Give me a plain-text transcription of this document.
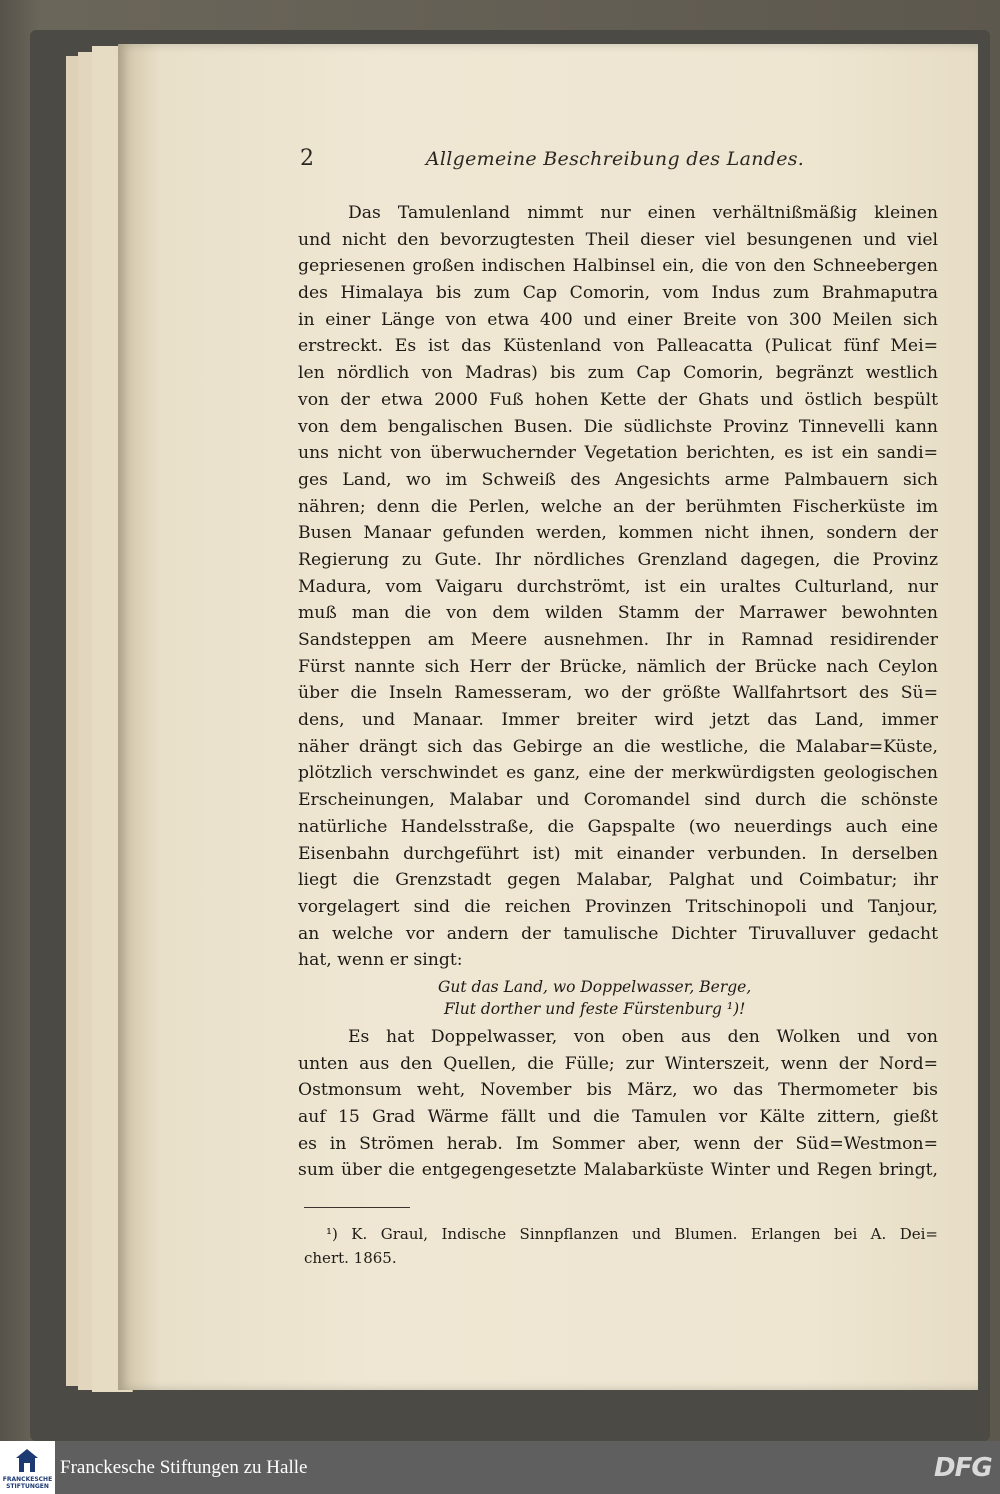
2	Allgemeine Beschreibung des Landes.
Das Tamulenland nimmt nur einen verhältnißmäßig kleinen
und nicht den bevorzugtesten Theil dieser viel besungenen und viel
gepriesenen großen indischen Halbinsel ein, die von den Schneebergen
des Himalaya bis zum Cap Comorin, vom Indus zum Brahmaputra
in einer Länge von etwa 400 und einer Breite von 300 Meilen sich
erstreckt. Es ist das Küstenland von Palleacatta (Pulicat fünf Mei=
len nördlich von Madras) bis zum Cap Comorin, begränzt westlich
von der etwa 2000 Fuß hohen Kette der Ghats und östlich bespült
von dem bengalischen Busen. Die südlichste Provinz Tinnevelli kann
uns nicht von überwuchernder Vegetation berichten, es ist ein sandi=
ges Land, wo im Schweiß des Angesichts arme Palmbauern sich
nähren; denn die Perlen, welche an der berühmten Fischerküste im
Busen Manaar gefunden werden, kommen nicht ihnen, sondern der
Regierung zu Gute. Ihr nördliches Grenzland dagegen, die Provinz
Madura, vom Vaigaru durchströmt, ist ein uraltes Culturland, nur
muß man die von dem wilden Stamm der Marrawer bewohnten
Sandsteppen am Meere ausnehmen. Ihr in Ramnad residirender
Fürst nannte sich Herr der Brücke, nämlich der Brücke nach Ceylon
über die Inseln Ramesseram, wo der größte Wallfahrtsort des Sü=
dens, und Manaar. Immer breiter wird jetzt das Land, immer
näher drängt sich das Gebirge an die westliche, die Malabar=Küste,
plötzlich verschwindet es ganz, eine der merkwürdigsten geologischen
Erscheinungen, Malabar und Coromandel sind durch die schönste
natürliche Handelsstraße, die Gapspalte (wo neuerdings auch eine
Eisenbahn durchgeführt ist) mit einander verbunden. In derselben
liegt die Grenzstadt gegen Malabar, Palghat und Coimbatur; ihr
vorgelagert sind die reichen Provinzen Tritschinopoli und Tanjour,
an welche vor andern der tamulische Dichter Tiruvalluver gedacht
hat, wenn er singt:
Gut das Land, wo Doppelwasser, Berge,
Flut dorther und feste Fürstenburg ¹)!
Es hat Doppelwasser, von oben aus den Wolken und von
unten aus den Quellen, die Fülle; zur Winterszeit, wenn der Nord=
Ostmonsum weht, November bis März, wo das Thermometer bis
auf 15 Grad Wärme fällt und die Tamulen vor Kälte zittern, gießt
es in Strömen herab. Im Sommer aber, wenn der Süd=Westmon=
sum über die entgegengesetzte Malabarküste Winter und Regen bringt,
¹) K. Graul, Indische Sinnpflanzen und Blumen. Erlangen bei A. Dei=
chert. 1865.
FRANCKESCHE
STIFTUNGEN
Franckesche Stiftungen zu Halle	DFG
